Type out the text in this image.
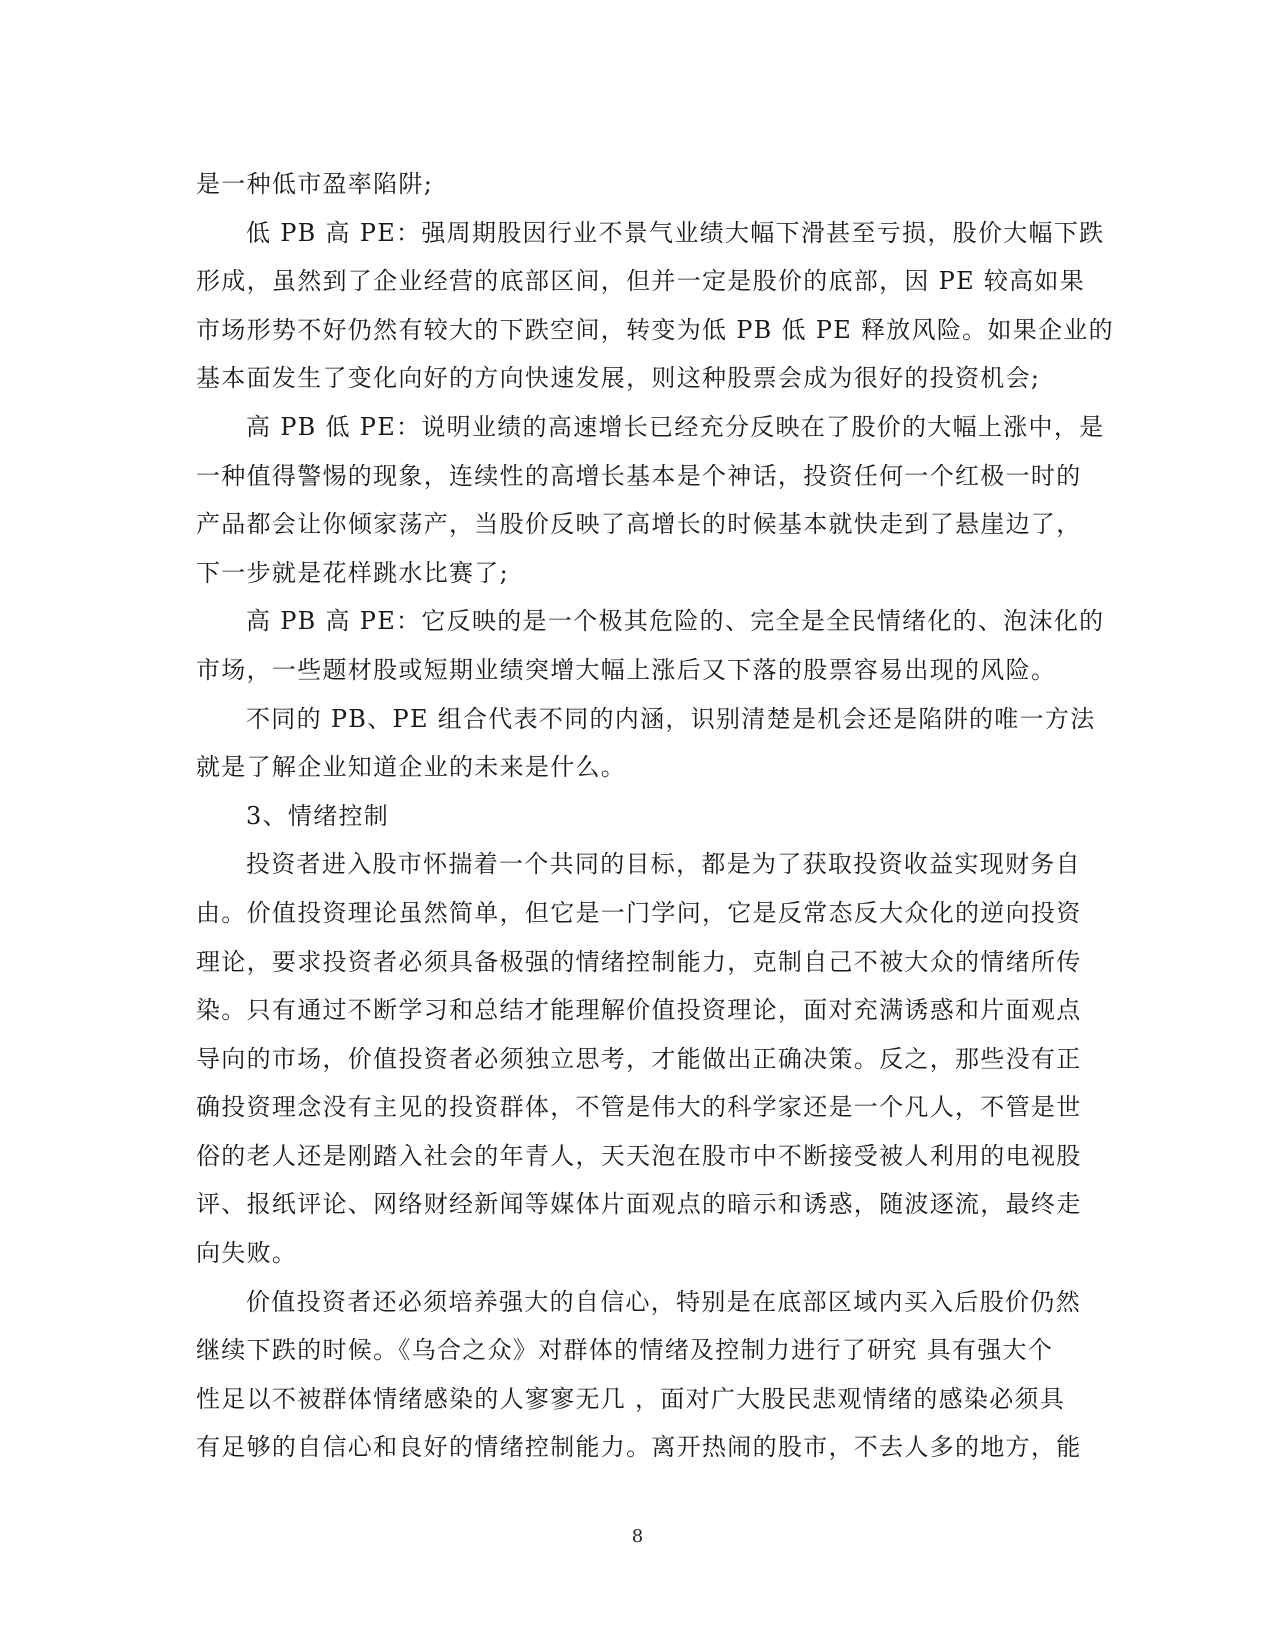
是一种低市盈率陷阱;
低 PB 高 PE：强周期股因行业不景气业绩大幅下滑甚至亏损，股价大幅下跌
形成，虽然到了企业经营的底部区间，但并一定是股价的底部，因 PE 较高如果
市场形势不好仍然有较大的下跌空间，转变为低 PB 低 PE 释放风险。如果企业的
基本面发生了变化向好的方向快速发展，则这种股票会成为很好的投资机会;
高 PB 低 PE：说明业绩的高速增长已经充分反映在了股价的大幅上涨中，是
一种值得警惕的现象，连续性的高增长基本是个神话，投资任何一个红极一时的
产品都会让你倾家荡产，当股价反映了高增长的时候基本就快走到了悬崖边了，
下一步就是花样跳水比赛了;
高 PB 高 PE：它反映的是一个极其危险的、完全是全民情绪化的、泡沫化的
市场，一些题材股或短期业绩突增大幅上涨后又下落的股票容易出现的风险。
不同的 PB、PE 组合代表不同的内涵，识别清楚是机会还是陷阱的唯一方法
就是了解企业知道企业的未来是什么。
3、情绪控制
投资者进入股市怀揣着一个共同的目标，都是为了获取投资收益实现财务自
由。价值投资理论虽然简单，但它是一门学问，它是反常态反大众化的逆向投资
理论，要求投资者必须具备极强的情绪控制能力，克制自己不被大众的情绪所传
染。只有通过不断学习和总结才能理解价值投资理论，面对充满诱惑和片面观点
导向的市场，价值投资者必须独立思考，才能做出正确决策。反之，那些没有正
确投资理念没有主见的投资群体，不管是伟大的科学家还是一个凡人，不管是世
俗的老人还是刚踏入社会的年青人，天天泡在股市中不断接受被人利用的电视股
评、报纸评论、网络财经新闻等媒体片面观点的暗示和诱惑，随波逐流，最终走
向失败。
价值投资者还必须培养强大的自信心，特别是在底部区域内买入后股价仍然
继续下跌的时候。《乌合之众》对群体的情绪及控制力进行了研究 具有强大个
性足以不被群体情绪感染的人寥寥无几 ，面对广大股民悲观情绪的感染必须具
有足够的自信心和良好的情绪控制能力。离开热闹的股市，不去人多的地方，能
8
